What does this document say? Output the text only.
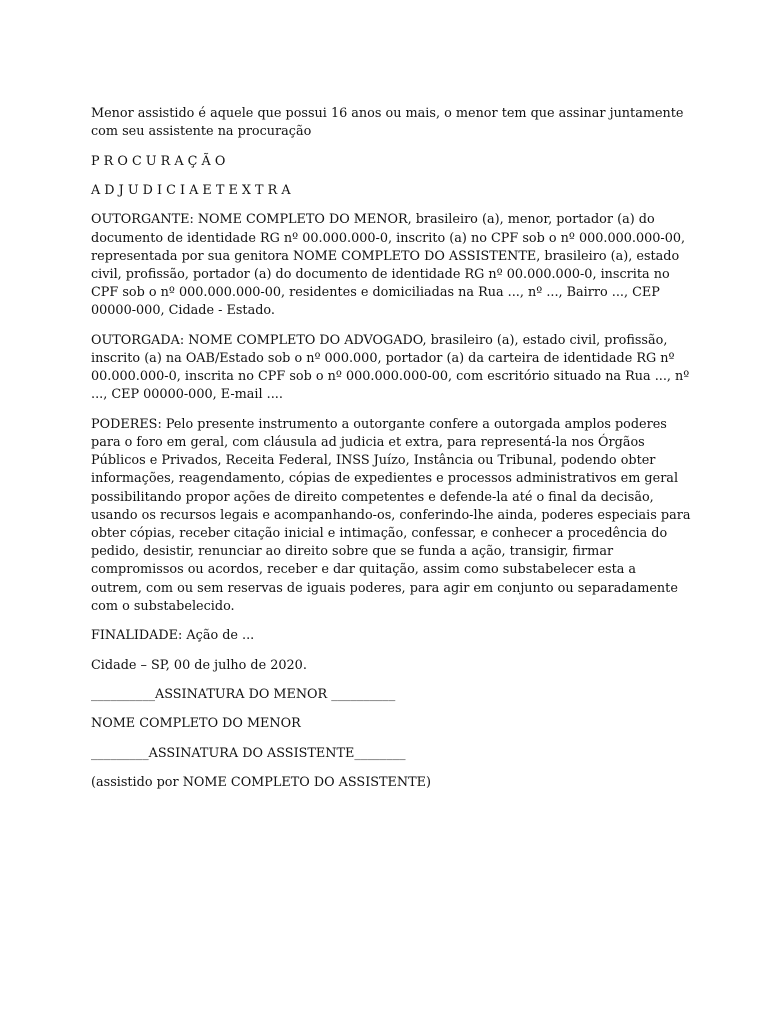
Menor assistido é aquele que possui 16 anos ou mais, o menor tem que assinar juntamente com seu assistente na procuração

P R O C U R A Ç Ã O

A D J U D I C I A E T E X T R A

OUTORGANTE: NOME COMPLETO DO MENOR, brasileiro (a), menor, portador (a) do documento de identidade RG nº 00.000.000-0, inscrito (a) no CPF sob o nº 000.000.000-00, representada por sua genitora NOME COMPLETO DO ASSISTENTE, brasileiro (a), estado civil, profissão, portador (a) do documento de identidade RG nº 00.000.000-0, inscrita no CPF sob o nº 000.000.000-00, residentes e domiciliadas na Rua ..., nº ..., Bairro ..., CEP 00000-000, Cidade - Estado.

OUTORGADA: NOME COMPLETO DO ADVOGADO, brasileiro (a), estado civil, profissão, inscrito (a) na OAB/Estado sob o nº 000.000, portador (a) da carteira de identidade RG nº 00.000.000-0, inscrita no CPF sob o nº 000.000.000-00, com escritório situado na Rua ..., nº ..., CEP 00000-000, E-mail ....

PODERES: Pelo presente instrumento a outorgante confere a outorgada amplos poderes para o foro em geral, com cláusula ad judicia et extra, para representá-la nos Órgãos Públicos e Privados, Receita Federal, INSS Juízo, Instância ou Tribunal, podendo obter informações, reagendamento, cópias de expedientes e processos administrativos em geral possibilitando propor ações de direito competentes e defende-la até o final da decisão, usando os recursos legais e acompanhando-os, conferindo-lhe ainda, poderes especiais para obter cópias, receber citação inicial e intimação, confessar, e conhecer a procedência do pedido, desistir, renunciar ao direito sobre que se funda a ação, transigir, firmar compromissos ou acordos, receber e dar quitação, assim como substabelecer esta a outrem, com ou sem reservas de iguais poderes, para agir em conjunto ou separadamente com o substabelecido.

FINALIDADE: Ação de ...

Cidade – SP, 00 de julho de 2020.

__________ASSINATURA DO MENOR __________

NOME COMPLETO DO MENOR

_________ASSINATURA DO ASSISTENTE________

(assistido por NOME COMPLETO DO ASSISTENTE)
